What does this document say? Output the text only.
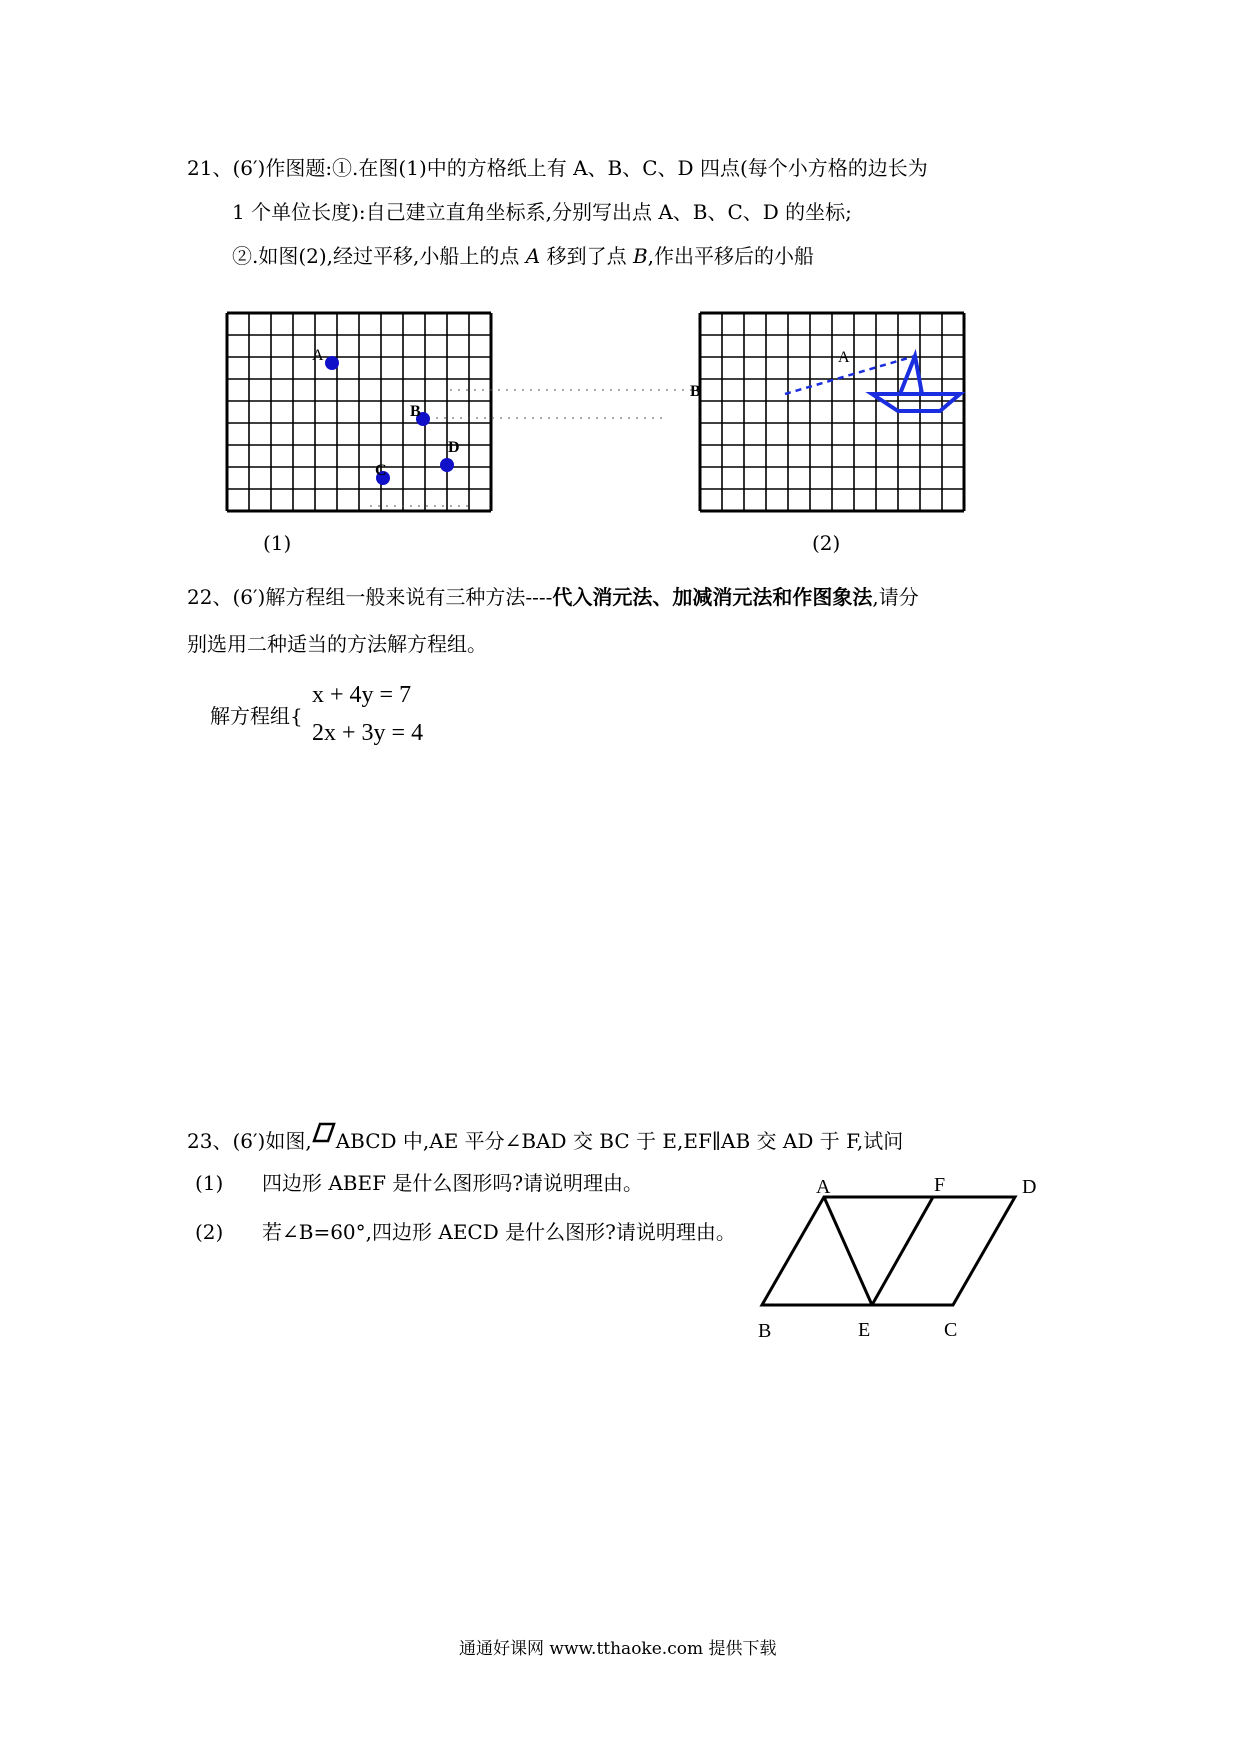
21、(6′)作图题:①.在图(1)中的方格纸上有 A、B、C、D 四点(每个小方格的边长为
1 个单位长度):自己建立直角坐标系,分别写出点 A、B、C、D 的坐标;
②.如图(2),经过平移,小船上的点 A 移到了点 B,作出平移后的小船
A
B
D
C
(1)
A
B
(2)
22、(6′)解方程组一般来说有三种方法----代入消元法、加减消元法和作图象法,请分
别选用二种适当的方法解方程组。
解方程组{
x + 4y = 7
2x + 3y = 4
23、(6′)如图, ABCD 中,AE 平分∠BAD 交 BC 于 E,EF∥AB 交 AD 于 F,试问
(1) 四边形 ABEF 是什么图形吗?请说明理由。
(2) 若∠B=60°,四边形 AECD 是什么图形?请说明理由。
A	F	D
B	E	C
通通好课网 www.tthaoke.com 提供下载
